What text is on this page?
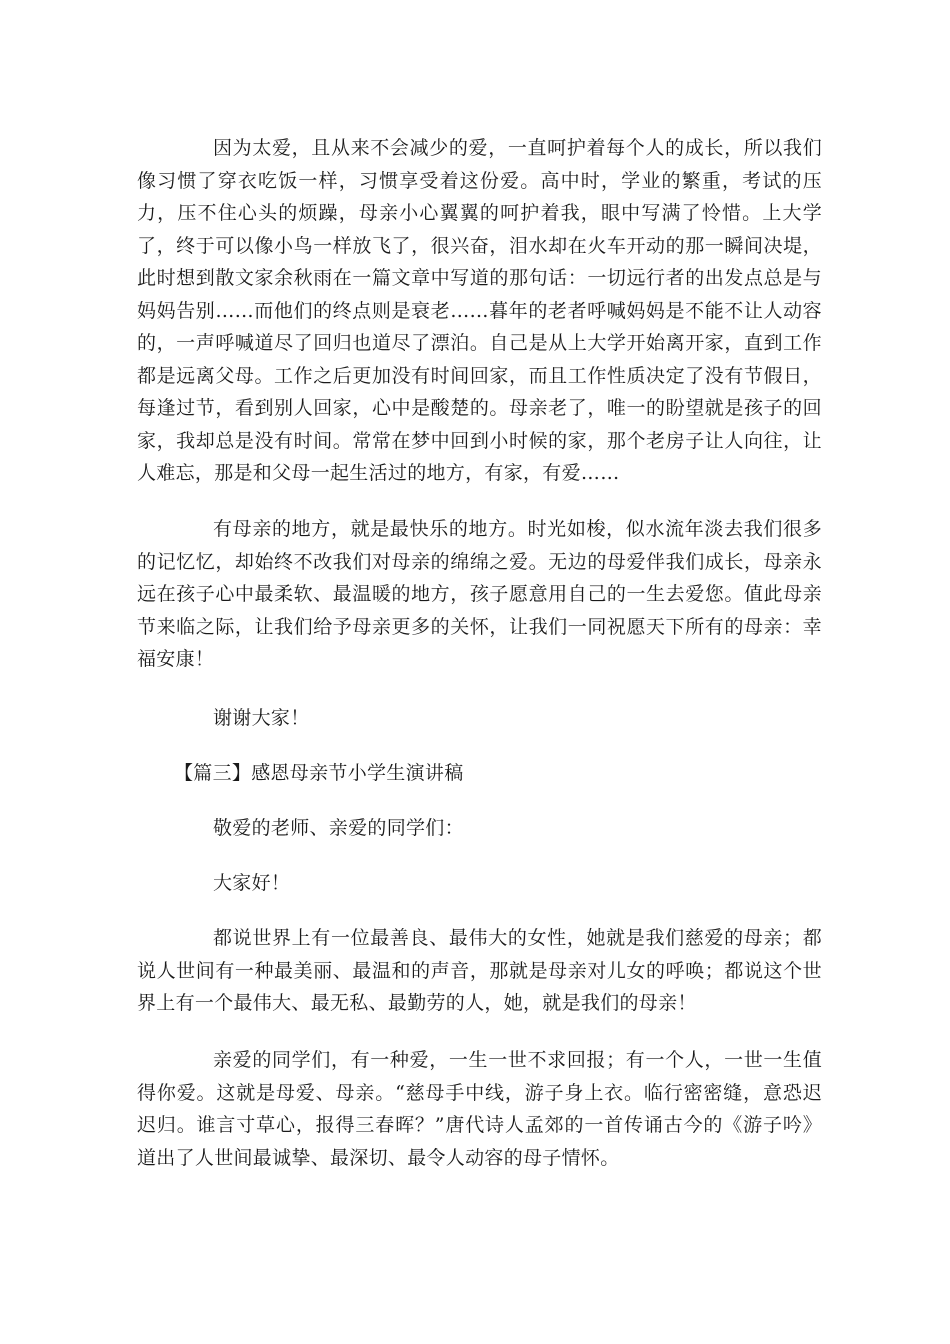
因为太爱，且从来不会减少的爱，一直呵护着每个人的成长，所以我们像习惯了穿衣吃饭一样，习惯享受着这份爱。高中时，学业的繁重，考试的压力，压不住心头的烦躁，母亲小心翼翼的呵护着我，眼中写满了怜惜。上大学了，终于可以像小鸟一样放飞了，很兴奋，泪水却在火车开动的那一瞬间决堤，此时想到散文家余秋雨在一篇文章中写道的那句话：一切远行者的出发点总是与妈妈告别……而他们的终点则是衰老……暮年的老者呼喊妈妈是不能不让人动容的，一声呼喊道尽了回归也道尽了漂泊。自己是从上大学开始离开家，直到工作都是远离父母。工作之后更加没有时间回家，而且工作性质决定了没有节假日，每逢过节，看到别人回家，心中是酸楚的。母亲老了，唯一的盼望就是孩子的回家，我却总是没有时间。常常在梦中回到小时候的家，那个老房子让人向往，让人难忘，那是和父母一起生活过的地方，有家，有爱……

有母亲的地方，就是最快乐的地方。时光如梭，似水流年淡去我们很多的记忆忆，却始终不改我们对母亲的绵绵之爱。无边的母爱伴我们成长，母亲永远在孩子心中最柔软、最温暖的地方，孩子愿意用自己的一生去爱您。值此母亲节来临之际，让我们给予母亲更多的关怀，让我们一同祝愿天下所有的母亲：幸福安康！

谢谢大家！

【篇三】感恩母亲节小学生演讲稿

敬爱的老师、亲爱的同学们：

大家好！

都说世界上有一位最善良、最伟大的女性，她就是我们慈爱的母亲；都说人世间有一种最美丽、最温和的声音，那就是母亲对儿女的呼唤；都说这个世界上有一个最伟大、最无私、最勤劳的人，她，就是我们的母亲！

亲爱的同学们，有一种爱，一生一世不求回报；有一个人，一世一生值得你爱。这就是母爱、母亲。“慈母手中线，游子身上衣。临行密密缝，意恐迟迟归。谁言寸草心，报得三春晖？”唐代诗人孟郊的一首传诵古今的《游子吟》道出了人世间最诚挚、最深切、最令人动容的母子情怀。
